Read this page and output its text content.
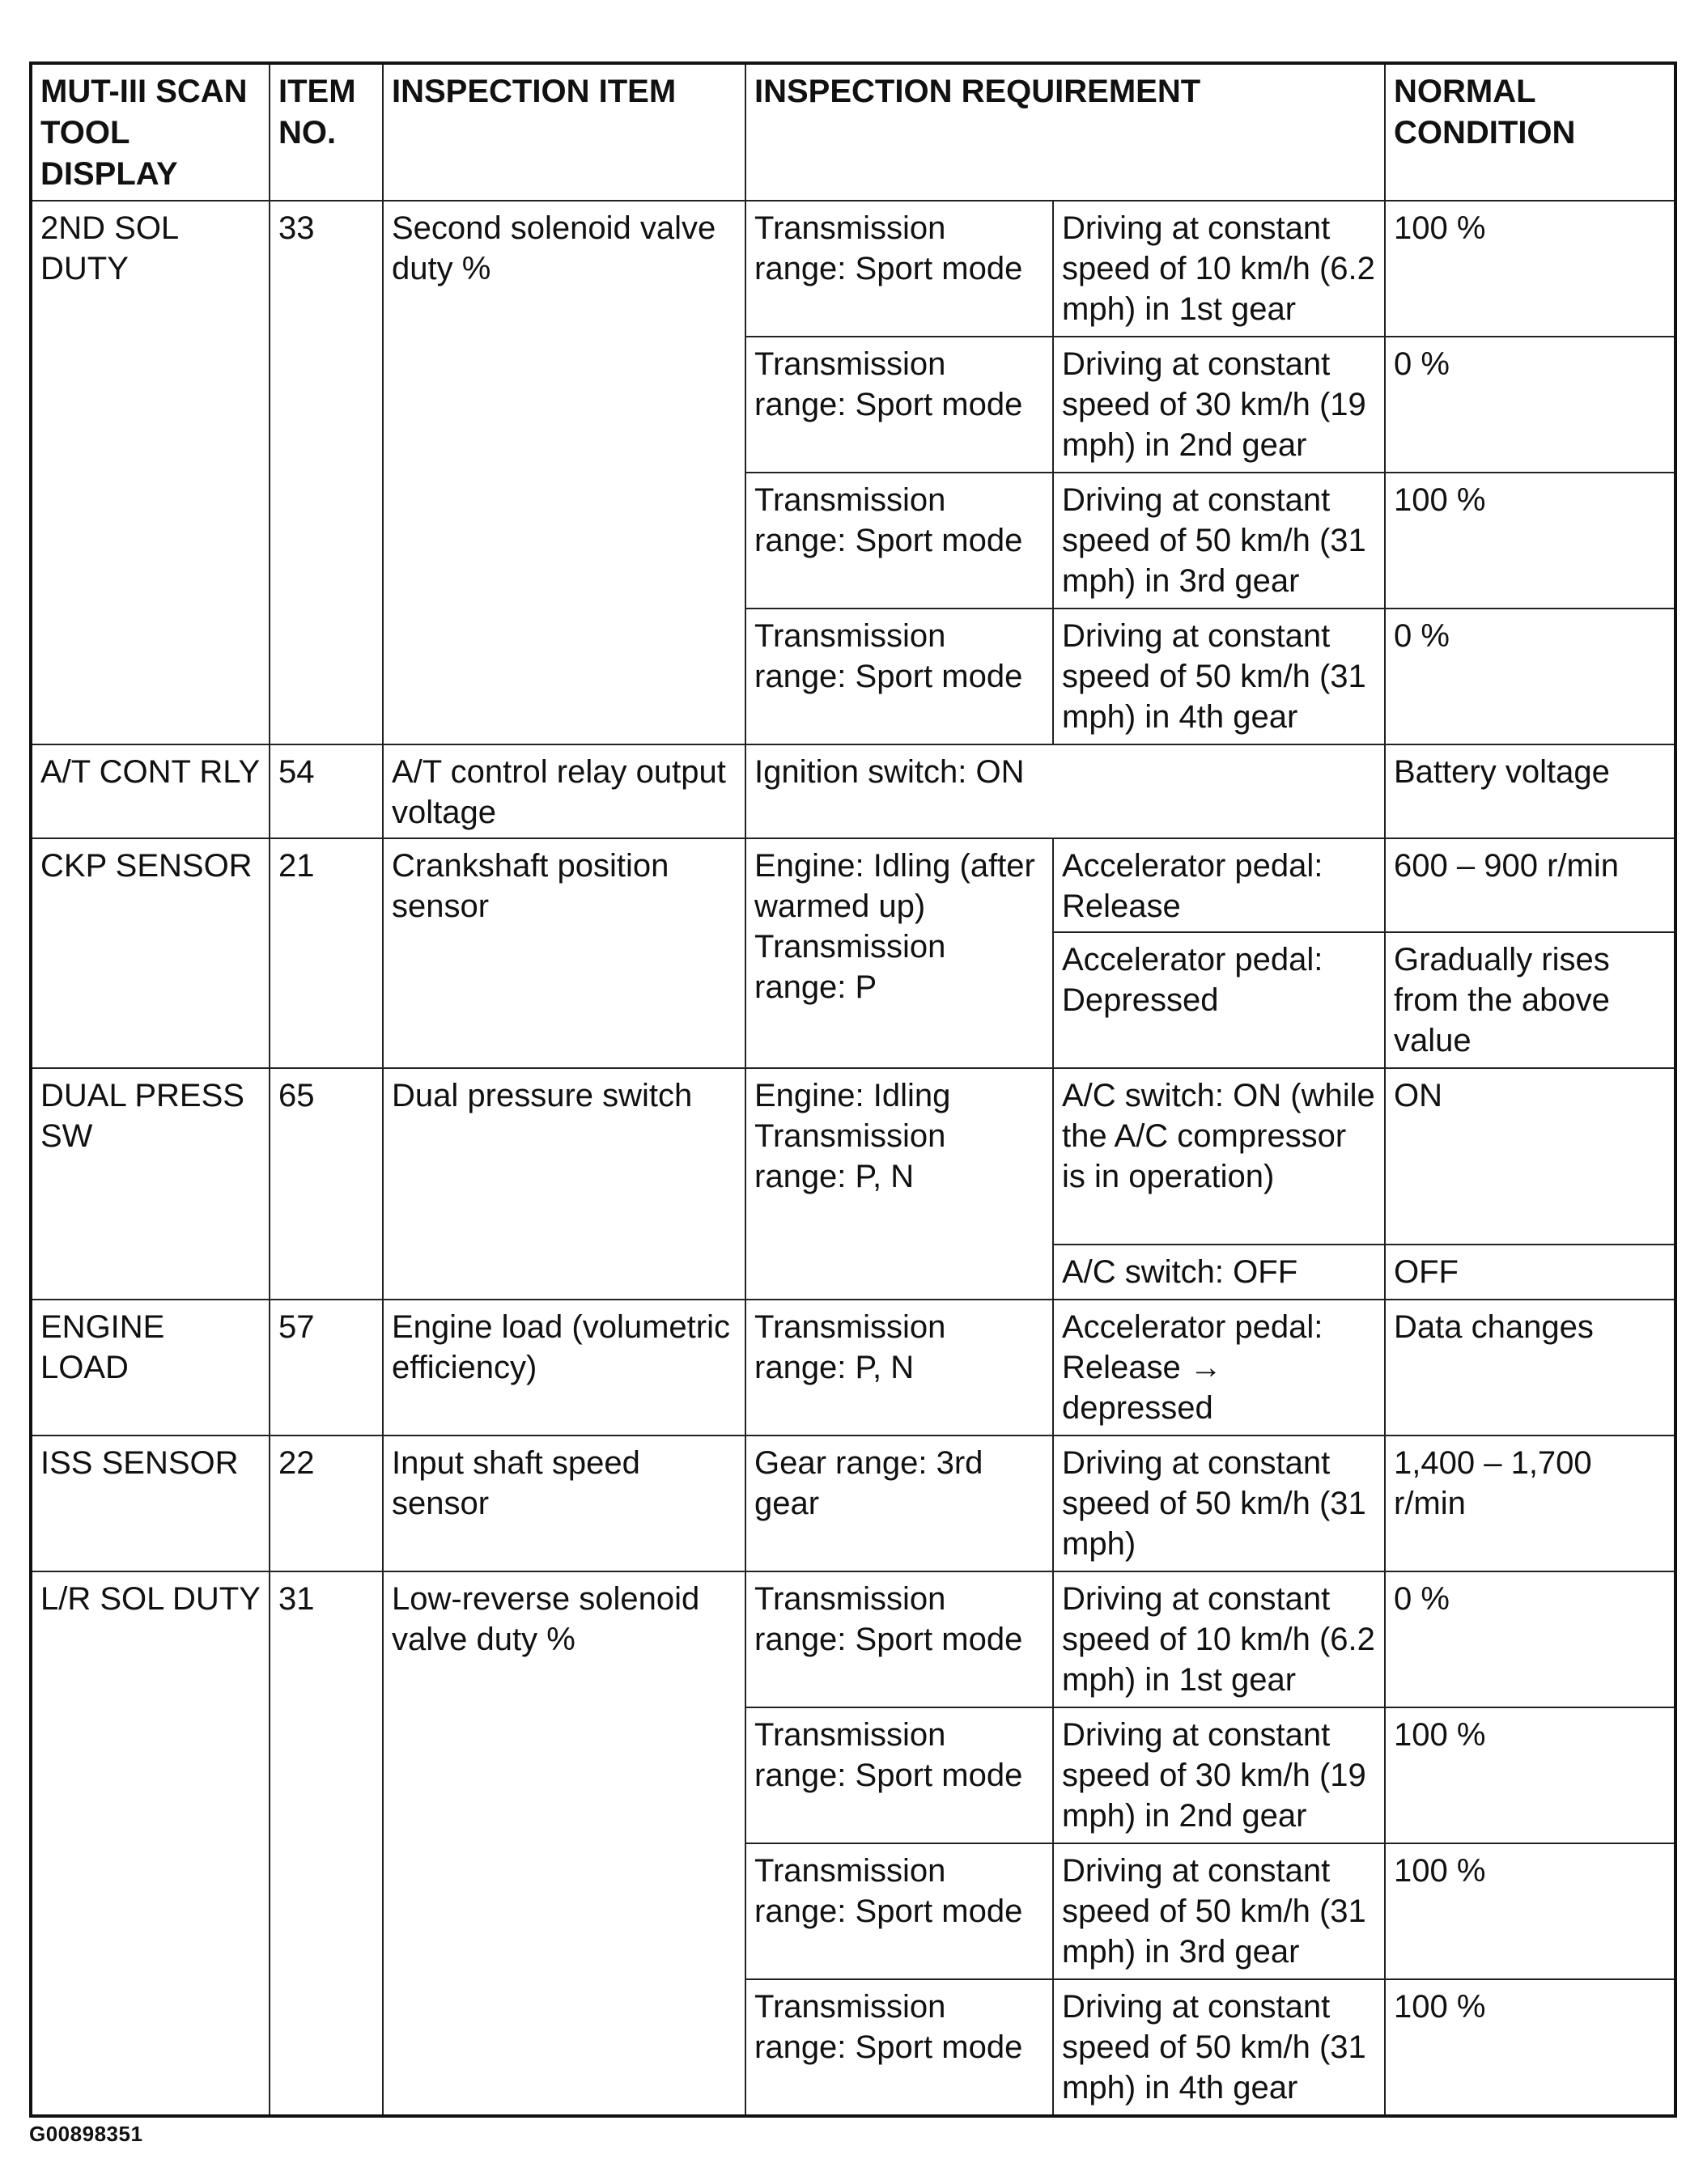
MUT-III SCAN TOOL DISPLAY	ITEM NO.	INSPECTION ITEM	INSPECTION REQUIREMENT		NORMAL CONDITION
2ND SOL DUTY	33	Second solenoid valve duty %	Transmission range: Sport mode	Driving at constant speed of 10 km/h (6.2 mph) in 1st gear	100 %
			Transmission range: Sport mode	Driving at constant speed of 30 km/h (19 mph) in 2nd gear	0 %
			Transmission range: Sport mode	Driving at constant speed of 50 km/h (31 mph) in 3rd gear	100 %
			Transmission range: Sport mode	Driving at constant speed of 50 km/h (31 mph) in 4th gear	0 %
A/T CONT RLY	54	A/T control relay output voltage	Ignition switch: ON		Battery voltage
CKP SENSOR	21	Crankshaft position sensor	Engine: Idling (after warmed up) Transmission range: P	Accelerator pedal: Release	600 – 900 r/min
				Accelerator pedal: Depressed	Gradually rises from the above value
DUAL PRESS SW	65	Dual pressure switch	Engine: Idling Transmission range: P, N	A/C switch: ON (while the A/C compressor is in operation)	ON
				A/C switch: OFF	OFF
ENGINE LOAD	57	Engine load (volumetric efficiency)	Transmission range: P, N	Accelerator pedal: Release → depressed	Data changes
ISS SENSOR	22	Input shaft speed sensor	Gear range: 3rd gear	Driving at constant speed of 50 km/h (31 mph)	1,400 – 1,700 r/min
L/R SOL DUTY	31	Low-reverse solenoid valve duty %	Transmission range: Sport mode	Driving at constant speed of 10 km/h (6.2 mph) in 1st gear	0 %
			Transmission range: Sport mode	Driving at constant speed of 30 km/h (19 mph) in 2nd gear	100 %
			Transmission range: Sport mode	Driving at constant speed of 50 km/h (31 mph) in 3rd gear	100 %
			Transmission range: Sport mode	Driving at constant speed of 50 km/h (31 mph) in 4th gear	100 %
G00898351
